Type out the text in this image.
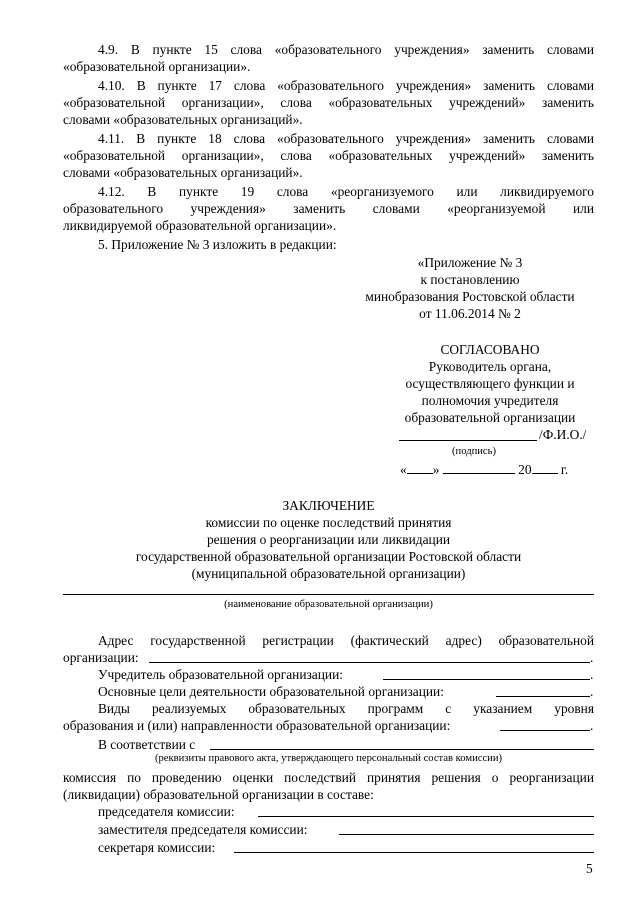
4.9. В пункте 15 слова «образовательного учреждения» заменить словами
«образовательной организации».
4.10. В пункте 17 слова «образовательного учреждения» заменить словами
«образовательной организации», слова «образовательных учреждений» заменить
словами «образовательных организаций».
4.11. В пункте 18 слова «образовательного учреждения» заменить словами
«образовательной организации», слова «образовательных учреждений» заменить
словами «образовательных организаций».
4.12. В пункте 19 слова «реорганизуемого или ликвидируемого
образовательного учреждения» заменить словами «реорганизуемой или
ликвидируемой образовательной организации».
5. Приложение № 3 изложить в редакции:
«Приложение № 3
к постановлению
минобразования Ростовской области
от 11.06.2014 № 2
СОГЛАСОВАНО
Руководитель органа,
осуществляющего функции и
полномочия учредителя
образовательной организации
/Ф.И.О./
(подпись)
« »	20 г.
ЗАКЛЮЧЕНИЕ
комиссии по оценке последствий принятия
решения о реорганизации или ликвидации
государственной образовательной организации Ростовской области
(муниципальной образовательной организации)
(наименование образовательной организации)
Адрес государственной регистрации (фактический адрес) образовательной
организации:	.
Учредитель образовательной организации:	.
Основные цели деятельности образовательной организации:	.
Виды реализуемых образовательных программ с указанием уровня
образования и (или) направленности образовательной организации:	.
В соответствии с
(реквизиты правового акта, утверждающего персональный состав комиссии)
комиссия по проведению оценки последствий принятия решения о реорганизации
(ликвидации) образовательной организации в составе:
председателя комиссии:
заместителя председателя комиссии:
секретаря комиссии:
5
